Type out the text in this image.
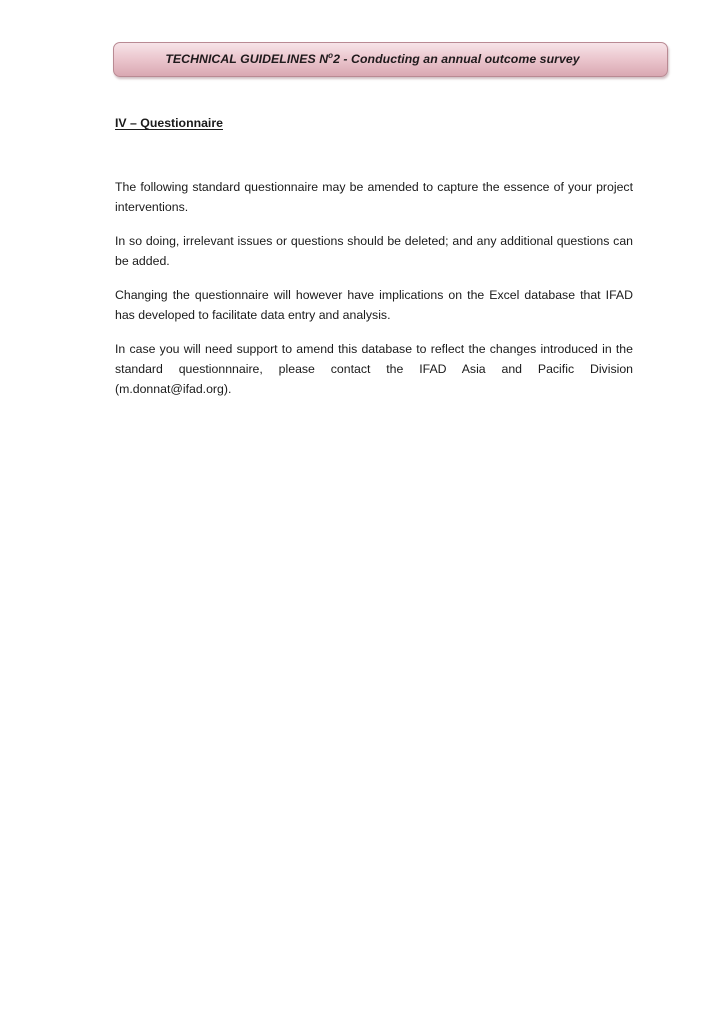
TECHNICAL GUIDELINES $N^o2$ - Conducting an annual outcome survey
IV – Questionnaire

The following standard questionnaire may be amended to capture the essence of your project interventions.

In so doing, irrelevant issues or questions should be deleted; and any additional questions can be added.

Changing the questionnaire will however have implications on the Excel database that IFAD has developed to facilitate data entry and analysis.

In case you will need support to amend this database to reflect the changes introduced in the standard questionnnaire, please contact the IFAD Asia and Pacific Division (m.donnat@ifad.org).
